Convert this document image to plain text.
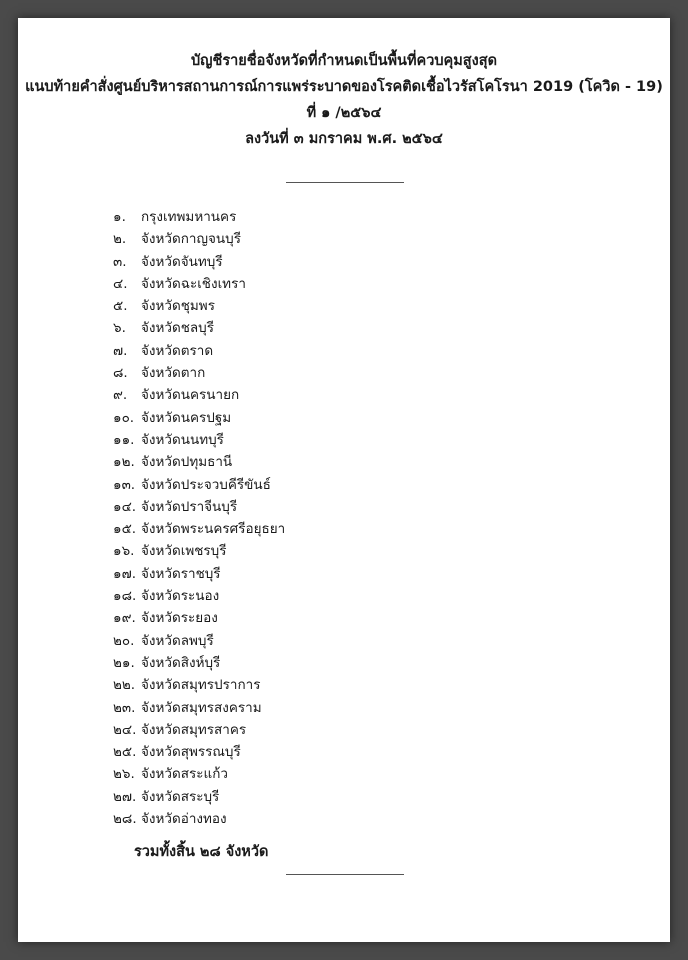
บัญชีรายชื่อจังหวัดที่กำหนดเป็นพื้นที่ควบคุมสูงสุด
แนบท้ายคำสั่งศูนย์บริหารสถานการณ์การแพร่ระบาดของโรคติดเชื้อไวรัสโคโรนา 2019 (โควิด - 19)
ที่ ๑ /๒๕๖๔
ลงวันที่ ๓ มกราคม พ.ศ. ๒๕๖๔
๑. กรุงเทพมหานคร
๒. จังหวัดกาญจนบุรี
๓. จังหวัดจันทบุรี
๔. จังหวัดฉะเชิงเทรา
๕. จังหวัดชุมพร
๖. จังหวัดชลบุรี
๗. จังหวัดตราด
๘. จังหวัดตาก
๙. จังหวัดนครนายก
๑๐. จังหวัดนครปฐม
๑๑. จังหวัดนนทบุรี
๑๒. จังหวัดปทุมธานี
๑๓. จังหวัดประจวบคีรีขันธ์
๑๔. จังหวัดปราจีนบุรี
๑๕. จังหวัดพระนครศรีอยุธยา
๑๖. จังหวัดเพชรบุรี
๑๗. จังหวัดราชบุรี
๑๘. จังหวัดระนอง
๑๙. จังหวัดระยอง
๒๐. จังหวัดลพบุรี
๒๑. จังหวัดสิงห์บุรี
๒๒. จังหวัดสมุทรปราการ
๒๓. จังหวัดสมุทรสงคราม
๒๔. จังหวัดสมุทรสาคร
๒๕. จังหวัดสุพรรณบุรี
๒๖. จังหวัดสระแก้ว
๒๗. จังหวัดสระบุรี
๒๘. จังหวัดอ่างทอง
รวมทั้งสิ้น ๒๘ จังหวัด
